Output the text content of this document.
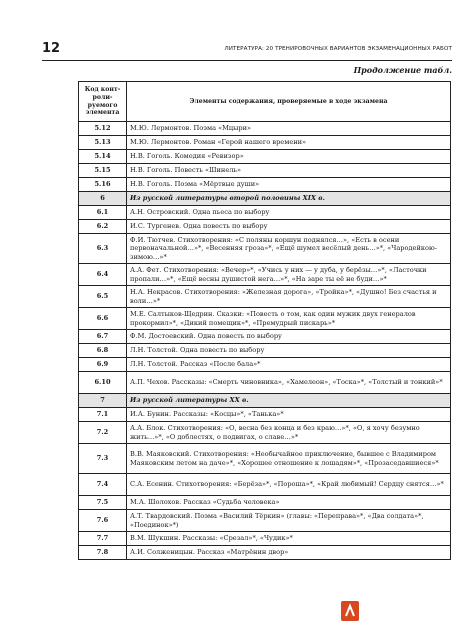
12	ЛИТЕРАТУРА: 20 ТРЕНИРОВОЧНЫХ ВАРИАНТОВ ЭКЗАМЕНАЦИОННЫХ РАБОТ
Продолжение табл.
Код конт-роли-руемого элемента	Элементы содержания, проверяемые в ходе экзамена
5.12	М.Ю. Лермонтов. Поэма «Мцыри»
5.13	М.Ю. Лермонтов. Роман «Герой нашего времени»
5.14	Н.В. Гоголь. Комедия «Ревизор»
5.15	Н.В. Гоголь. Повесть «Шинель»
5.16	Н.В. Гоголь. Поэма «Мёртвые души»
6	Из русской литературы второй половины XIX в.
6.1	А.Н. Островский. Одна пьеса по выбору
6.2	И.С. Тургенев. Одна повесть по выбору
6.3	Ф.И. Тютчев. Стихотворения: «С поляны коршун поднялся…», «Есть в осени первоначальной…»*, «Весенняя гроза»*, «Ещё шумел весёлый день…»*, «Чародейкою-зимою…»*
6.4	А.А. Фет. Стихотворения: «Вечер»*, «Учись у них — у дуба, у берёзы…»*, «Ласточки пропали…»*, «Ещё весны душистой нега…»*, «На заре ты её не буди…»*
6.5	Н.А. Некрасов. Стихотворения: «Железная дорога», «Тройка»*, «Душно! Без счастья и воли…»*
6.6	М.Е. Салтыков-Щедрин. Сказки: «Повесть о том, как один мужик двух генералов прокормил»*, «Дикий помещик»*, «Премудрый пискарь»*
6.7	Ф.М. Достоевский. Одна повесть по выбору
6.8	Л.Н. Толстой. Одна повесть по выбору
6.9	Л.Н. Толстой. Рассказ «После бала»*
6.10	А.П. Чехов. Рассказы: «Смерть чиновника», «Хамелеон», «Тоска»*, «Толстый и тонкий»*
7	Из русской литературы XX в.
7.1	И.А. Бунин. Рассказы: «Косцы»*, «Танька»*
7.2	А.А. Блок. Стихотворения: «О, весна без конца и без краю…»*, «О, я хочу безумно жить…»*, «О доблестях, о подвигах, о славе…»*
7.3	В.В. Маяковский. Стихотворения: «Необычайное приключение, бывшее с Владимиром Маяковским летом на даче»*, «Хорошее отношение к лошадям»*, «Прозаседавшиеся»*
7.4	С.А. Есенин. Стихотворения: «Берёза»*, «Пороша»*, «Край любимый! Сердцу снятся…»*
7.5	М.А. Шолохов. Рассказ «Судьба человека»
7.6	А.Т. Твардовский. Поэма «Василий Тёркин» (главы: «Переправа»*, «Два солдата»*, «Поединок»*)
7.7	В.М. Шукшин. Рассказы: «Срезал»*, «Чудик»*
7.8	А.И. Солженицын. Рассказ «Матрёнин двор»
